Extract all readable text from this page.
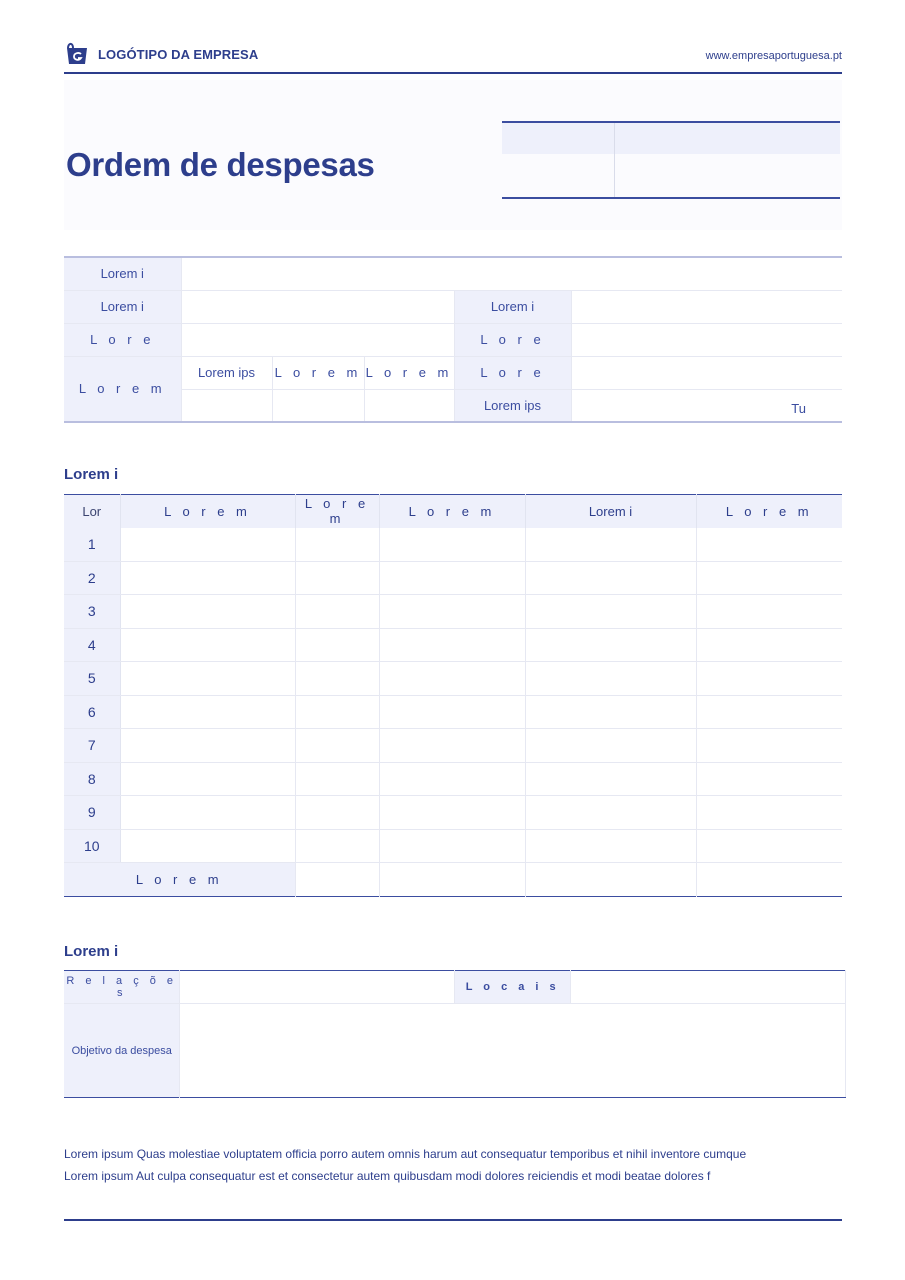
LOGÓTIPO DA EMPRESA	www.empresaportuguesa.pt
Ordem de despesas
Lorem i					
Lorem i				Lorem i	
L o r e				L o r e	
L o r e m	Lorem ips	L o r e m	L o r e m	L o r e	
				Lorem ips	Tu
Lorem i
Lor	L o r e m	L o r e m	L o r e m	Lorem i	L o r e m
1					
2					
3					
4					
5					
6					
7					
8					
9					
10					
L o r e m					
Lorem i
R e l a ç õ e s		L o c a i s	
Objetivo da despesa			
Lorem ipsum Quas molestiae voluptatem officia porro autem omnis harum aut consequatur temporibus et nihil inventore cumque
Lorem ipsum Aut culpa consequatur est et consectetur autem quibusdam modi dolores reiciendis et modi beatae dolores f
